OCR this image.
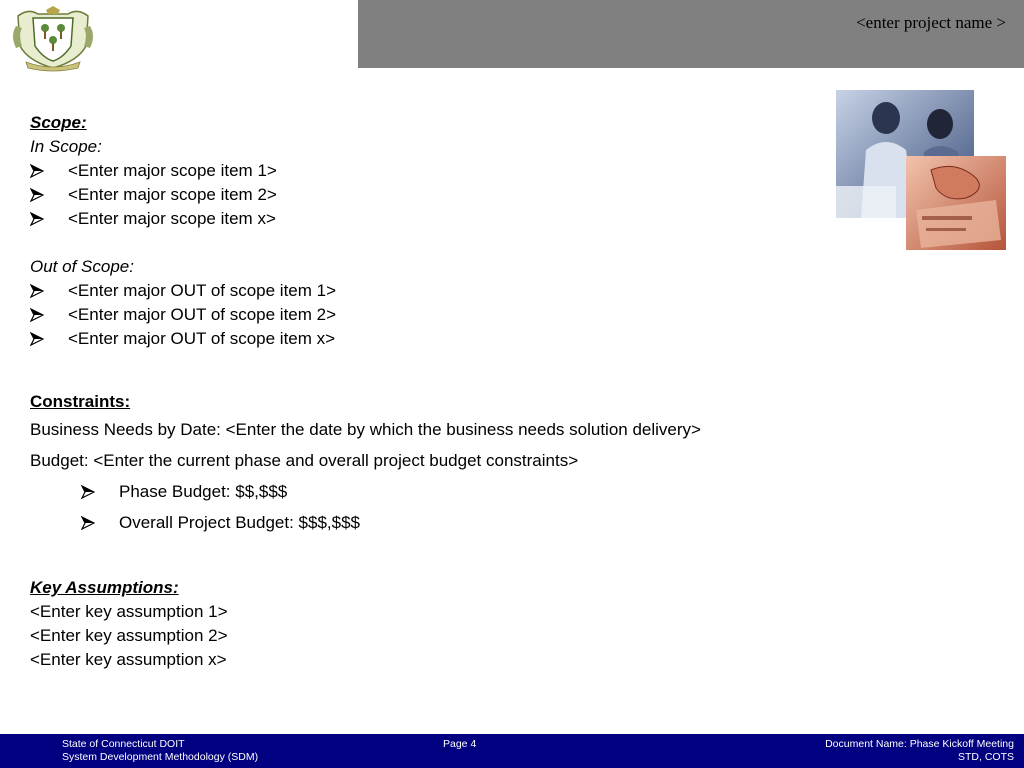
<enter project name >
Scope:
In Scope:
<Enter major scope item 1>
<Enter major scope item 2>
<Enter major scope item x>
Out of Scope:
<Enter major OUT of scope item 1>
<Enter major OUT of scope item 2>
<Enter major OUT of scope item x>
Constraints:
Business Needs by Date: <Enter the date by which the business needs solution delivery>
Budget: <Enter the current phase and overall project budget constraints>
Phase Budget: $$,$$$
Overall Project Budget: $$$,$$$
Key Assumptions:
<Enter key assumption 1>
<Enter key assumption 2>
<Enter key assumption x>
State of Connecticut DOIT
System Development Methodology (SDM)
Page 4	Document Name: Phase Kickoff Meeting
STD, COTS
